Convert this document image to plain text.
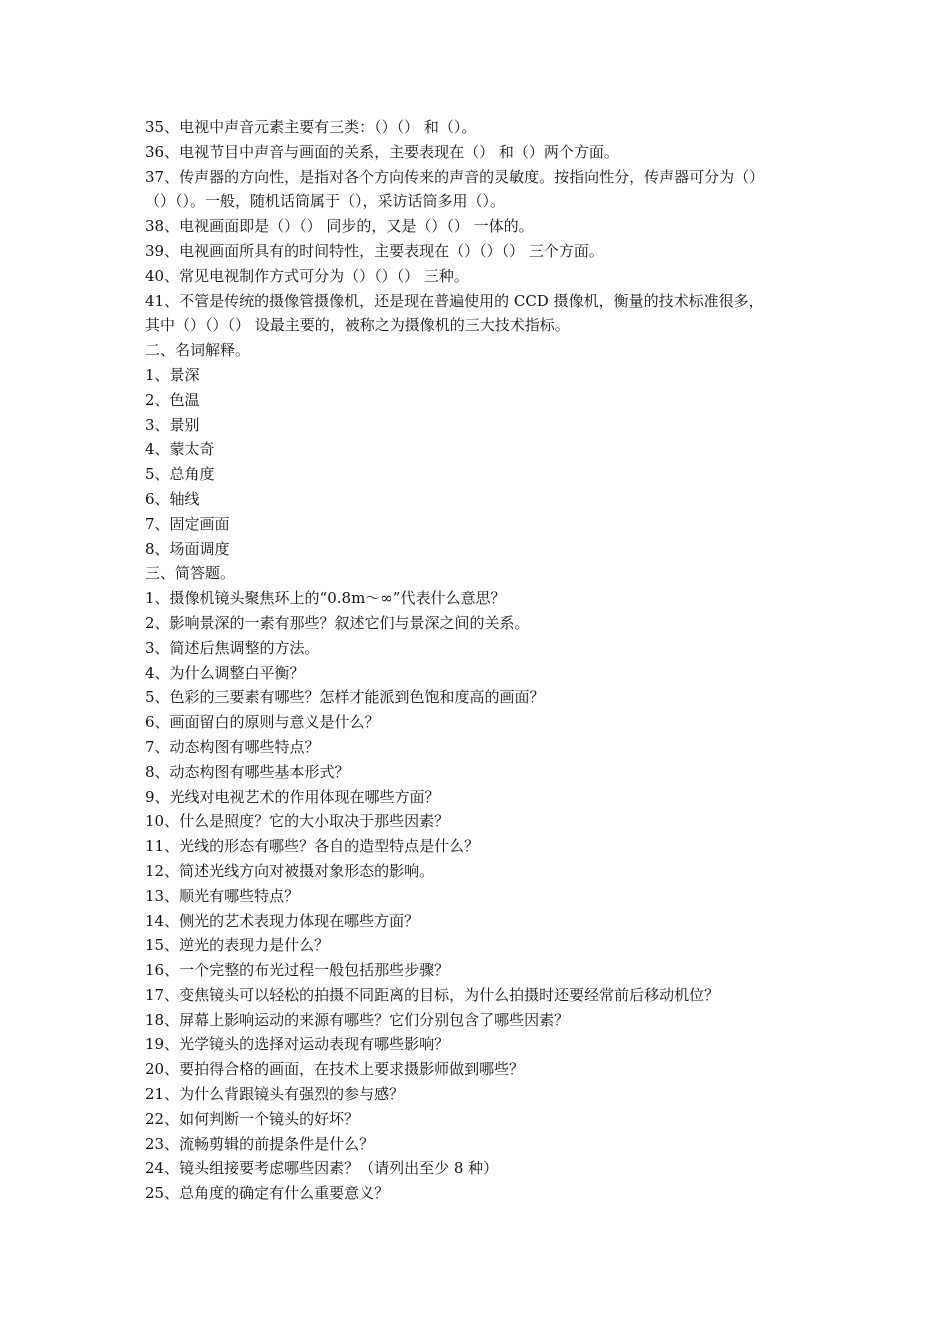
35、电视中声音元素主要有三类：（）（） 和（）。
36、电视节目中声音与画面的关系，主要表现在（） 和（）两个方面。
37、传声器的方向性，是指对各个方向传来的声音的灵敏度。按指向性分，传声器可分为（）
（）（）。一般，随机话筒属于（），采访话筒多用（）。
38、电视画面即是（）（） 同步的，又是（）（） 一体的。
39、电视画面所具有的时间特性，主要表现在（）（）（） 三个方面。
40、常见电视制作方式可分为（）（）（） 三种。
41、不管是传统的摄像管摄像机，还是现在普遍使用的 CCD 摄像机，衡量的技术标准很多，
其中（）（）（） 设最主要的，被称之为摄像机的三大技术指标。
二、名词解释。
1、景深
2、色温
3、景别
4、蒙太奇
5、总角度
6、轴线
7、固定画面
8、场面调度
三、简答题。
1、摄像机镜头聚焦环上的“0.8m～∞”代表什么意思？
2、影响景深的一素有那些？叙述它们与景深之间的关系。
3、简述后焦调整的方法。
4、为什么调整白平衡？
5、色彩的三要素有哪些？怎样才能派到色饱和度高的画面？
6、画面留白的原则与意义是什么？
7、动态构图有哪些特点？
8、动态构图有哪些基本形式？
9、光线对电视艺术的作用体现在哪些方面？
10、什么是照度？它的大小取决于那些因素？
11、光线的形态有哪些？各自的造型特点是什么？
12、简述光线方向对被摄对象形态的影响。
13、顺光有哪些特点？
14、侧光的艺术表现力体现在哪些方面？
15、逆光的表现力是什么？
16、一个完整的布光过程一般包括那些步骤？
17、变焦镜头可以轻松的拍摄不同距离的目标，为什么拍摄时还要经常前后移动机位？
18、屏幕上影响运动的来源有哪些？它们分别包含了哪些因素？
19、光学镜头的选择对运动表现有哪些影响？
20、要拍得合格的画面，在技术上要求摄影师做到哪些？
21、为什么背跟镜头有强烈的参与感？
22、如何判断一个镜头的好坏？
23、流畅剪辑的前提条件是什么？
24、镜头组接要考虑哪些因素？（请列出至少 8 种）
25、总角度的确定有什么重要意义？
